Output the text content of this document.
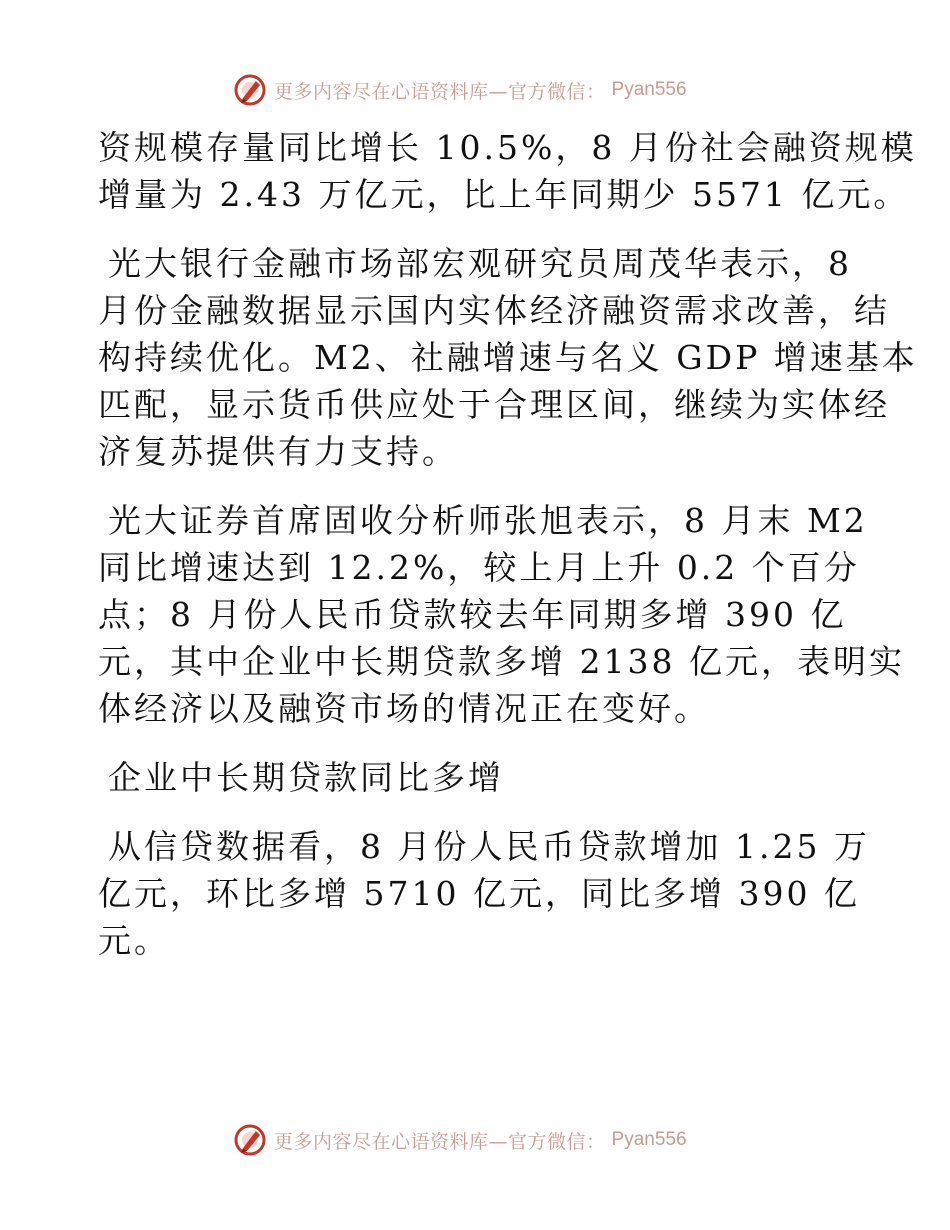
更多内容尽在心语资料库—官方微信： Pyan556

资规模存量同比增长 10.5%，8 月份社会融资规模
增量为 2.43 万亿元，比上年同期少 5571 亿元。

光大银行金融市场部宏观研究员周茂华表示，8
月份金融数据显示国内实体经济融资需求改善，结
构持续优化。M2、社融增速与名义 GDP 增速基本
匹配，显示货币供应处于合理区间，继续为实体经
济复苏提供有力支持。

光大证券首席固收分析师张旭表示，8 月末 M2
同比增速达到 12.2%，较上月上升 0.2 个百分
点；8 月份人民币贷款较去年同期多增 390 亿
元，其中企业中长期贷款多增 2138 亿元，表明实
体经济以及融资市场的情况正在变好。

企业中长期贷款同比多增

从信贷数据看，8 月份人民币贷款增加 1.25 万
亿元，环比多增 5710 亿元，同比多增 390 亿
元。

更多内容尽在心语资料库—官方微信： Pyan556
